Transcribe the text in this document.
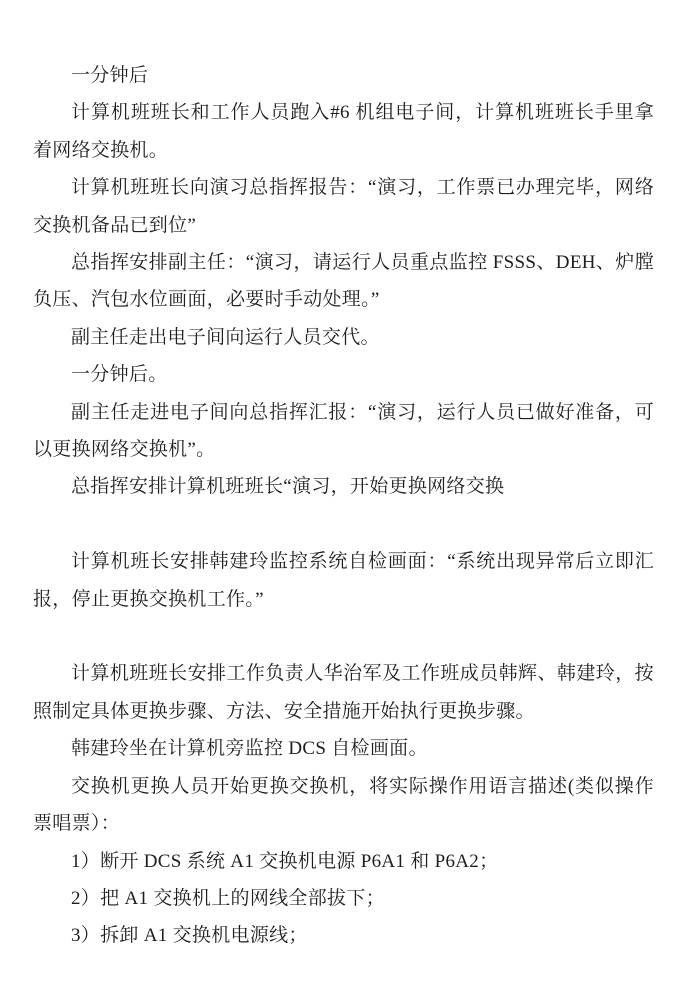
一分钟后

计算机班班长和工作人员跑入#6 机组电子间，计算机班班长手里拿着网络交换机。

计算机班班长向演习总指挥报告：“演习，工作票已办理完毕，网络交换机备品已到位”

总指挥安排副主任：“演习，请运行人员重点监控 FSSS、DEH、炉膛负压、汽包水位画面，必要时手动处理。”

副主任走出电子间向运行人员交代。

一分钟后。

副主任走进电子间向总指挥汇报：“演习，运行人员已做好准备，可以更换网络交换机”。

总指挥安排计算机班班长“演习，开始更换网络交换

计算机班长安排韩建玲监控系统自检画面：“系统出现异常后立即汇报，停止更换交换机工作。”

计算机班班长安排工作负责人华治军及工作班成员韩辉、韩建玲，按照制定具体更换步骤、方法、安全措施开始执行更换步骤。

韩建玲坐在计算机旁监控 DCS 自检画面。

交换机更换人员开始更换交换机，将实际操作用语言描述(类似操作票唱票）：

1）断开 DCS 系统 A1 交换机电源 P6A1 和 P6A2；

2）把 A1 交换机上的网线全部拔下；

3）拆卸 A1 交换机电源线；
